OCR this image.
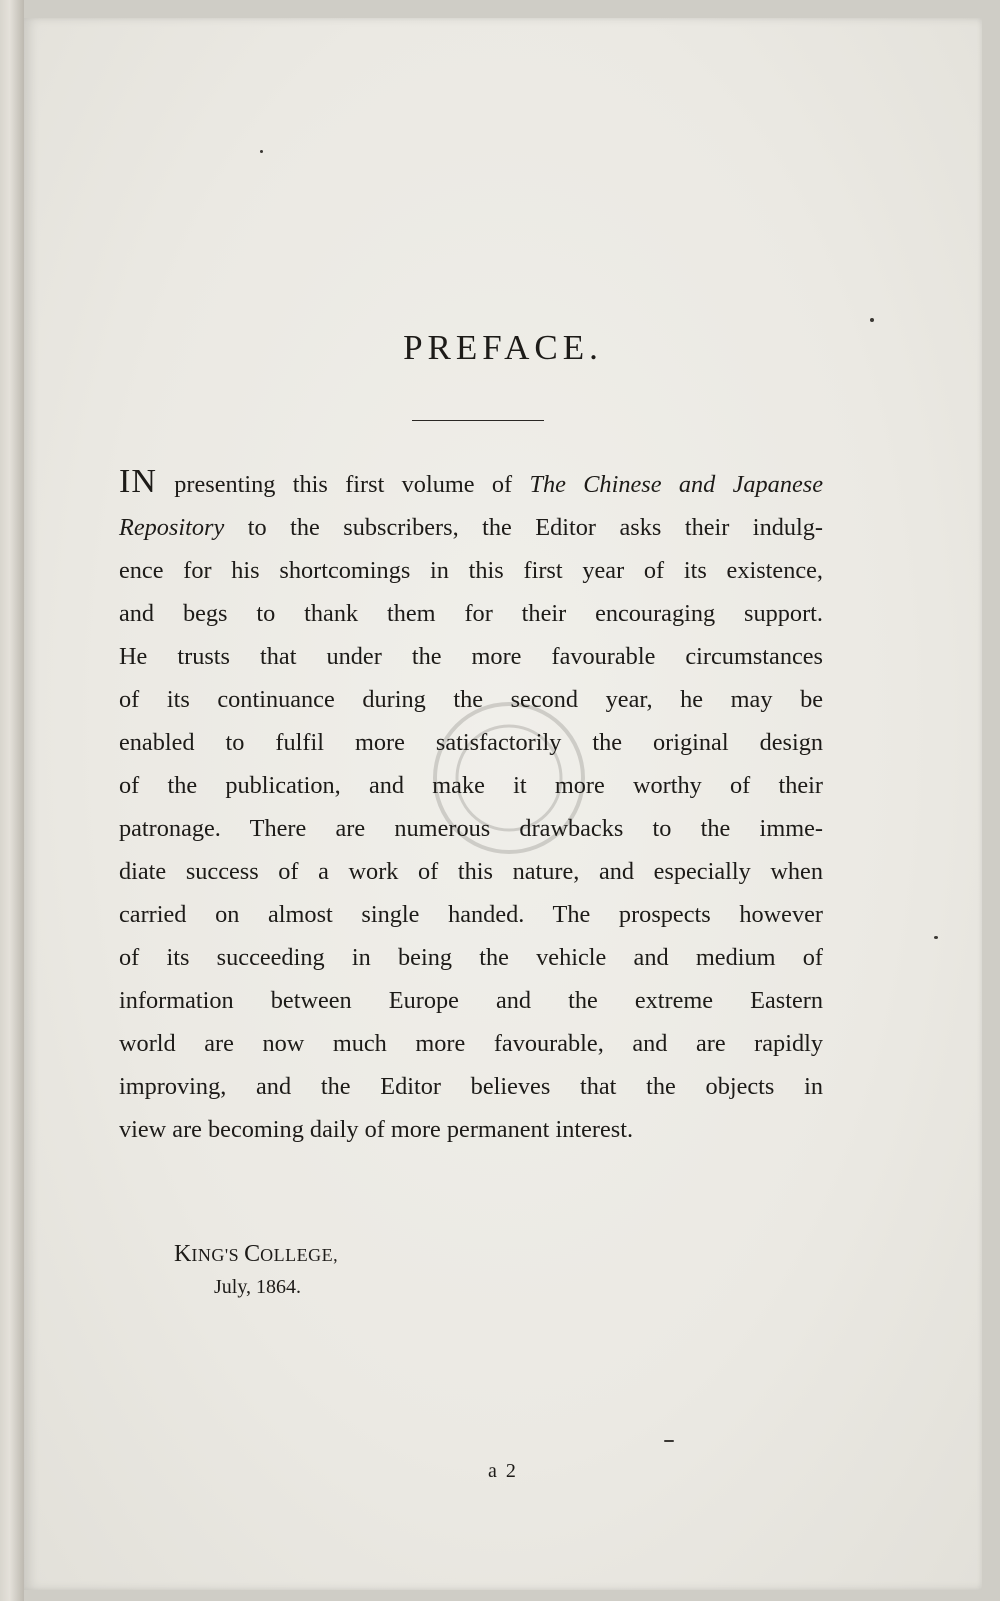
PREFACE.
IN presenting this first volume of The Chinese and Japanese
Repository to the subscribers, the Editor asks their indulg-
ence for his shortcomings in this first year of its existence,
and begs to thank them for their encouraging support.
He trusts that under the more favourable circumstances
of its continuance during the second year, he may be
enabled to fulfil more satisfactorily the original design
of the publication, and make it more worthy of their
patronage. There are numerous drawbacks to the imme-
diate success of a work of this nature, and especially when
carried on almost single handed. The prospects however
of its succeeding in being the vehicle and medium of
information between Europe and the extreme Eastern
world are now much more favourable, and are rapidly
improving, and the Editor believes that the objects in
view are becoming daily of more permanent interest.
KING'S COLLEGE,
July, 1864.
a 2
